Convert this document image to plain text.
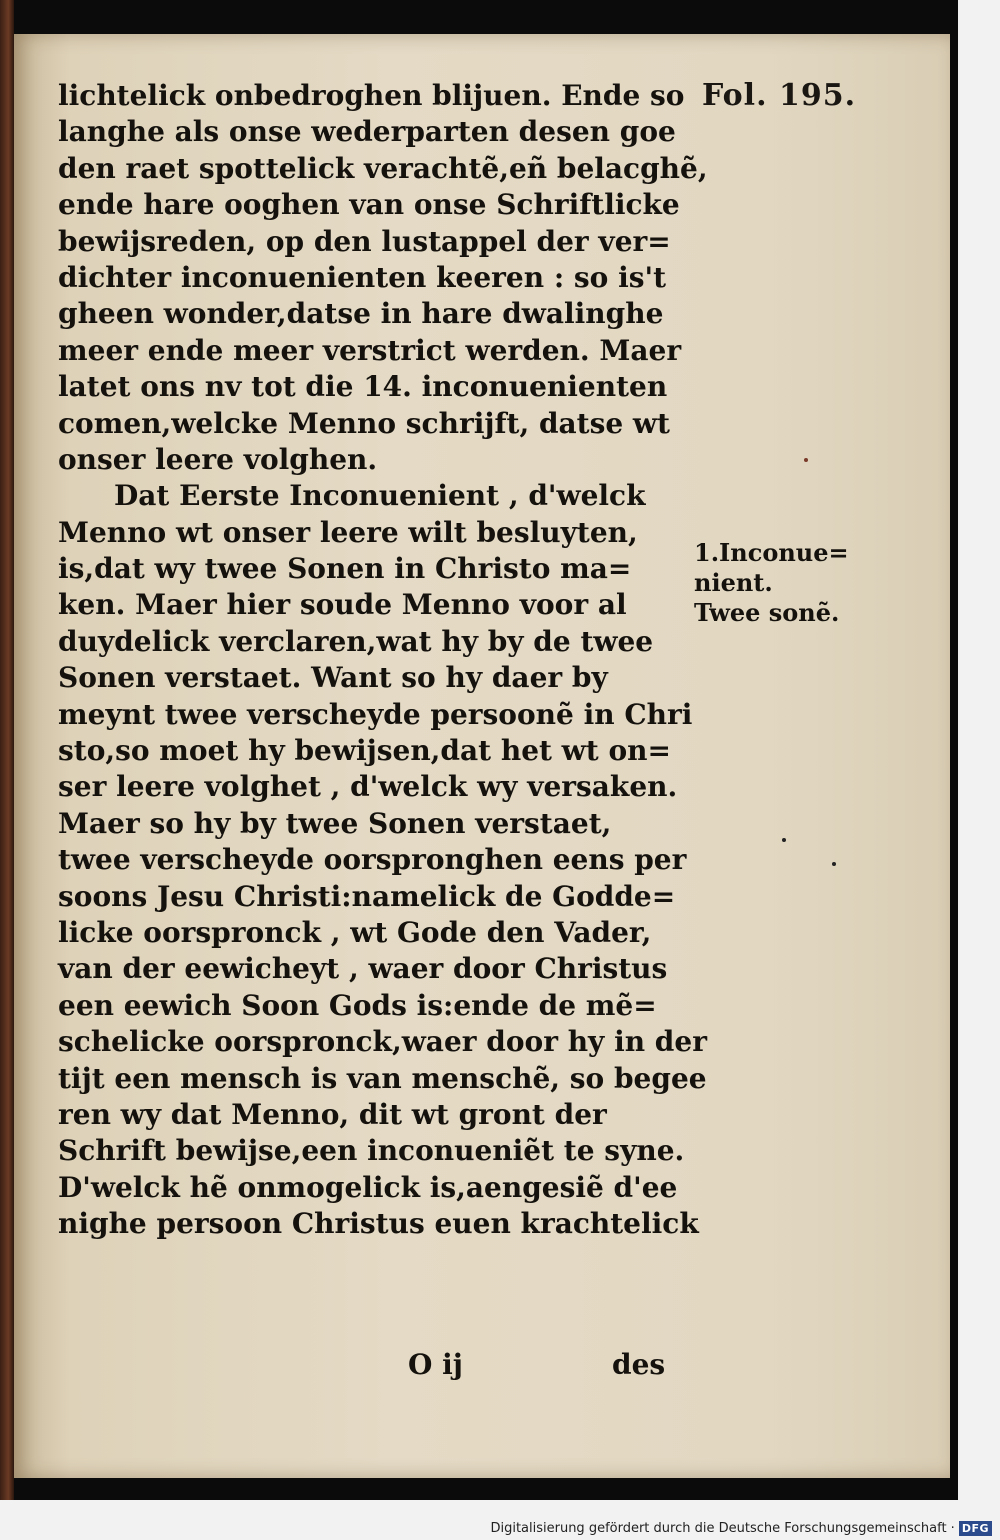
Fol. 195.
lichtelick onbedroghen blijuen. Ende so
langhe als onse wederparten desen goe
den raet spottelick verachtẽ,eñ belacghẽ,
ende hare ooghen van onse Schriftlicke
bewijsreden, op den lustappel der ver=
dichter inconuenienten keeren : so is't
gheen wonder,datse in hare dwalinghe
meer ende meer verstrict werden. Maer
latet ons nv tot die 14. inconuenienten
comen,welcke Menno schrijft, datse wt
onser leere volghen.
Dat Eerste Inconuenient , d'welck
Menno wt onser leere wilt besluyten,
is,dat wy twee Sonen in Christo ma=
ken. Maer hier soude Menno voor al
duydelick verclaren,wat hy by de twee
Sonen verstaet. Want so hy daer by
meynt twee verscheyde persoonẽ in Chri
sto,so moet hy bewijsen,dat het wt on=
ser leere volghet , d'welck wy versaken.
Maer so hy by twee Sonen verstaet,
twee verscheyde oorspronghen eens per
soons Jesu Christi:namelick de Godde=
licke oorspronck , wt Gode den Vader,
van der eewicheyt , waer door Christus
een eewich Soon Gods is:ende de mẽ=
schelicke oorspronck,waer door hy in der
tijt een mensch is van menschẽ, so begee
ren wy dat Menno, dit wt gront der
Schrift bewijse,een inconueniẽt te syne.
D'welck hẽ onmogelick is,aengesiẽ d'ee
nighe persoon Christus euen krachtelick
1.Inconue=
nient.
Twee sonẽ.
O ij	des
Digitalisierung gefördert durch die Deutsche Forschungsgemeinschaft · DFG
